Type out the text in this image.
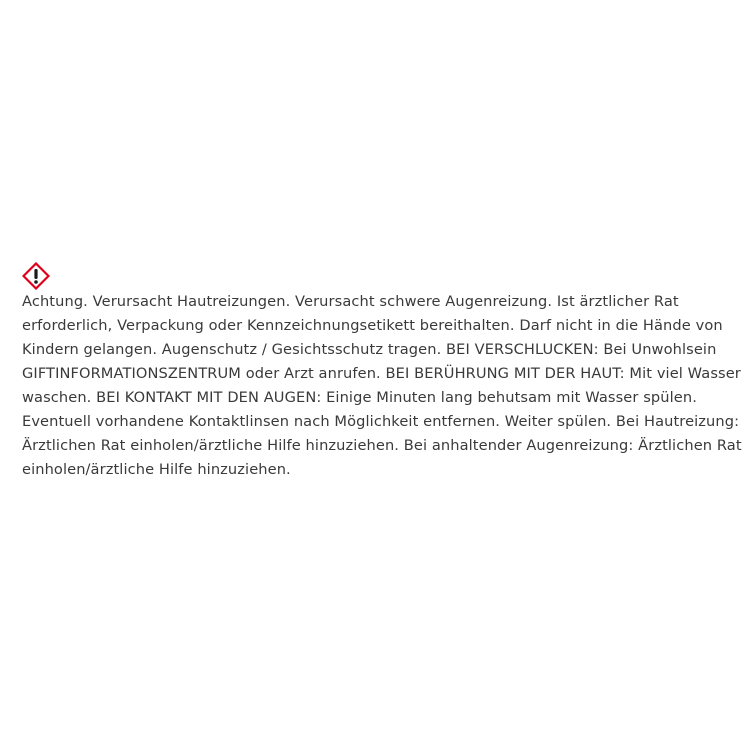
Achtung. Verursacht Hautreizungen. Verursacht schwere Augenreizung. Ist ärztlicher Rat erforderlich, Verpackung oder Kennzeichnungsetikett bereithalten. Darf nicht in die Hände von Kindern gelangen. Augenschutz / Gesichtsschutz tragen. BEI VERSCHLUCKEN: Bei Unwohlsein GIFTINFORMATIONSZENTRUM oder Arzt anrufen. BEI BERÜHRUNG MIT DER HAUT: Mit viel Wasser waschen. BEI KONTAKT MIT DEN AUGEN: Einige Minuten lang behutsam mit Wasser spülen. Eventuell vorhandene Kontaktlinsen nach Möglichkeit entfernen. Weiter spülen. Bei Hautreizung: Ärztlichen Rat einholen/ärztliche Hilfe hinzuziehen. Bei anhaltender Augenreizung: Ärztlichen Rat einholen/ärztliche Hilfe hinzuziehen.
